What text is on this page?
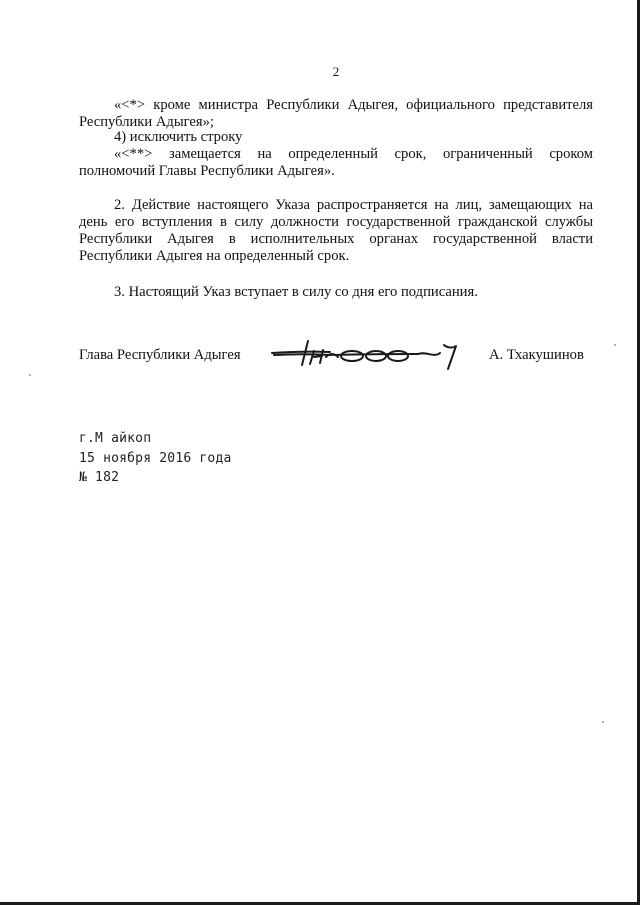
2
«<*> кроме министра Республики Адыгея, официального представителя Республики Адыгея»;
4) исключить строку
«<**> замещается на определенный срок, ограниченный сроком полномочий Главы Республики Адыгея».
2. Действие настоящего Указа распространяется на лиц, замещающих на день его вступления в силу должности государственной гражданской службы Республики Адыгея в исполнительных органах государственной власти Республики Адыгея на определенный срок.
3. Настоящий Указ вступает в силу со дня его подписания.
Глава Республики Адыгея	А. Тхакушинов
г.М айкоп
15 ноября 2016 года
№ 182
